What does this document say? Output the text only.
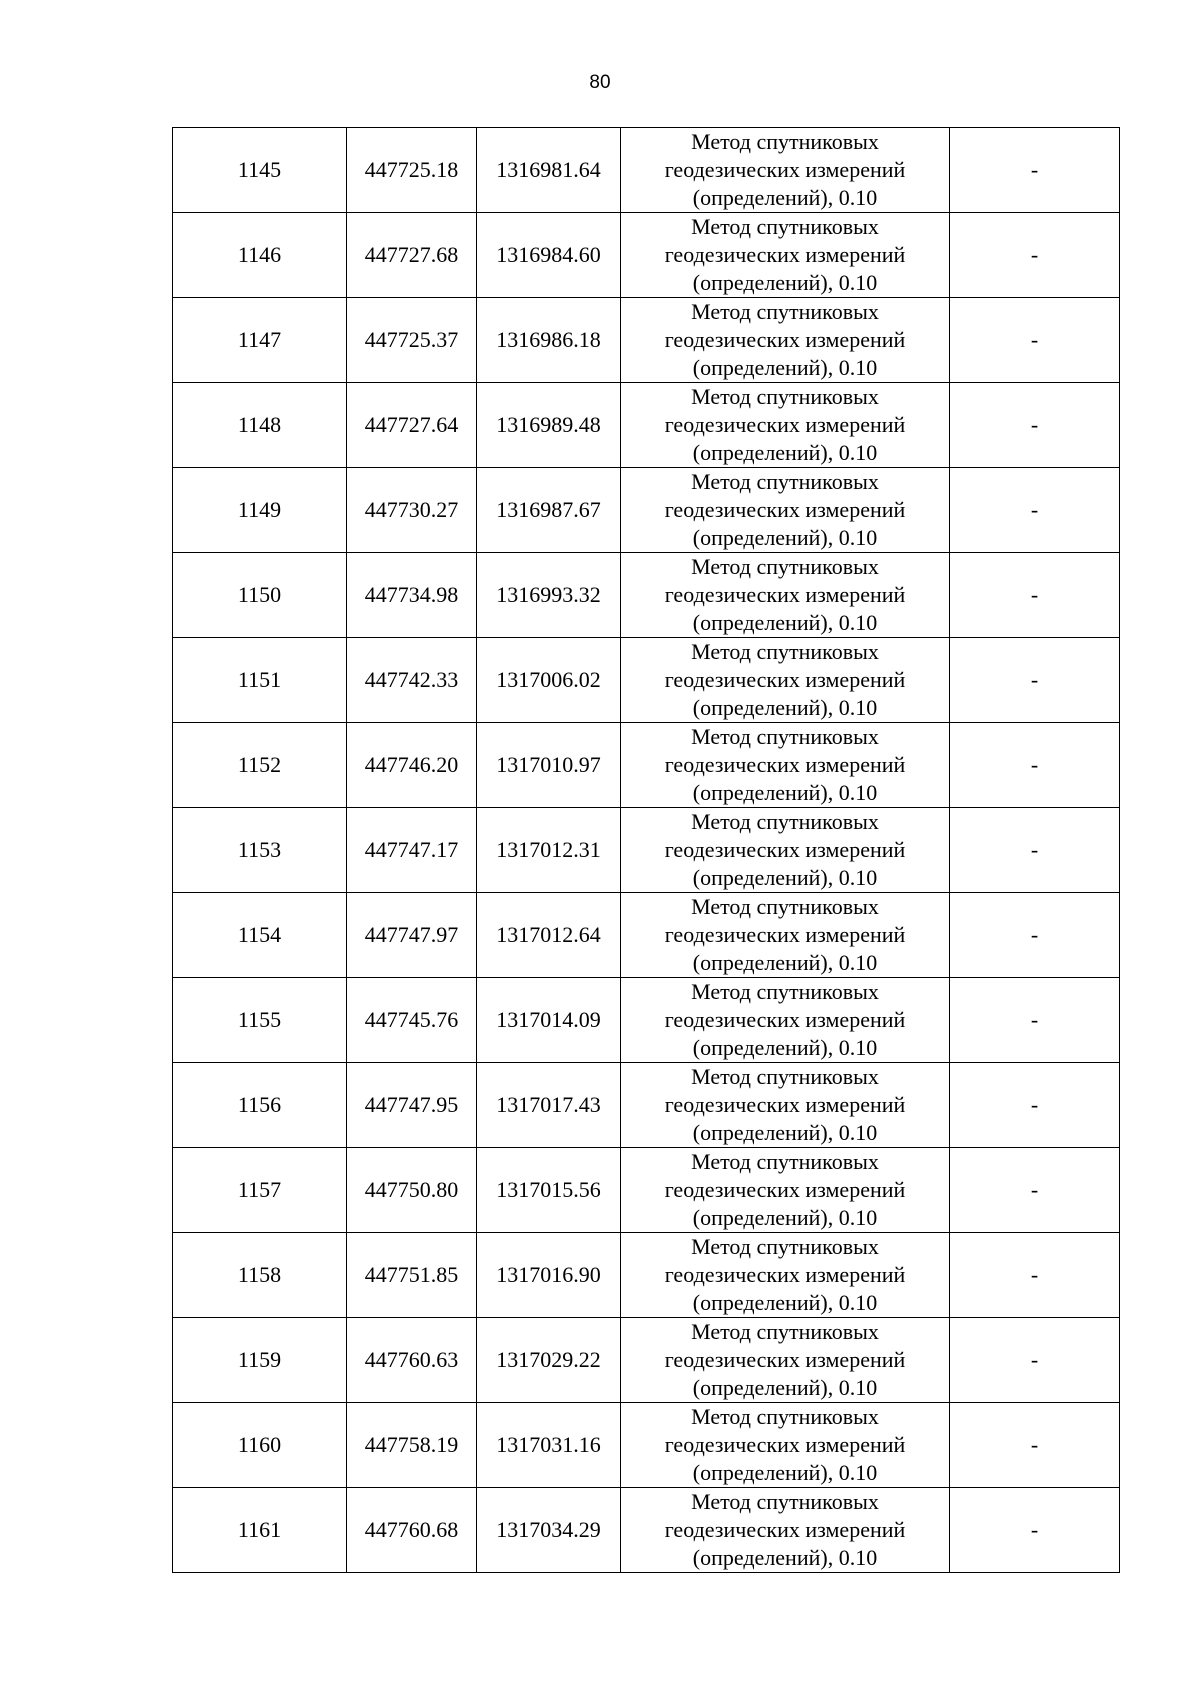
80
1145	447725.18	1316981.64	Метод спутниковых
геодезических измерений
(определений), 0.10	-
1146	447727.68	1316984.60	Метод спутниковых
геодезических измерений
(определений), 0.10	-
1147	447725.37	1316986.18	Метод спутниковых
геодезических измерений
(определений), 0.10	-
1148	447727.64	1316989.48	Метод спутниковых
геодезических измерений
(определений), 0.10	-
1149	447730.27	1316987.67	Метод спутниковых
геодезических измерений
(определений), 0.10	-
1150	447734.98	1316993.32	Метод спутниковых
геодезических измерений
(определений), 0.10	-
1151	447742.33	1317006.02	Метод спутниковых
геодезических измерений
(определений), 0.10	-
1152	447746.20	1317010.97	Метод спутниковых
геодезических измерений
(определений), 0.10	-
1153	447747.17	1317012.31	Метод спутниковых
геодезических измерений
(определений), 0.10	-
1154	447747.97	1317012.64	Метод спутниковых
геодезических измерений
(определений), 0.10	-
1155	447745.76	1317014.09	Метод спутниковых
геодезических измерений
(определений), 0.10	-
1156	447747.95	1317017.43	Метод спутниковых
геодезических измерений
(определений), 0.10	-
1157	447750.80	1317015.56	Метод спутниковых
геодезических измерений
(определений), 0.10	-
1158	447751.85	1317016.90	Метод спутниковых
геодезических измерений
(определений), 0.10	-
1159	447760.63	1317029.22	Метод спутниковых
геодезических измерений
(определений), 0.10	-
1160	447758.19	1317031.16	Метод спутниковых
геодезических измерений
(определений), 0.10	-
1161	447760.68	1317034.29	Метод спутниковых
геодезических измерений
(определений), 0.10	-
